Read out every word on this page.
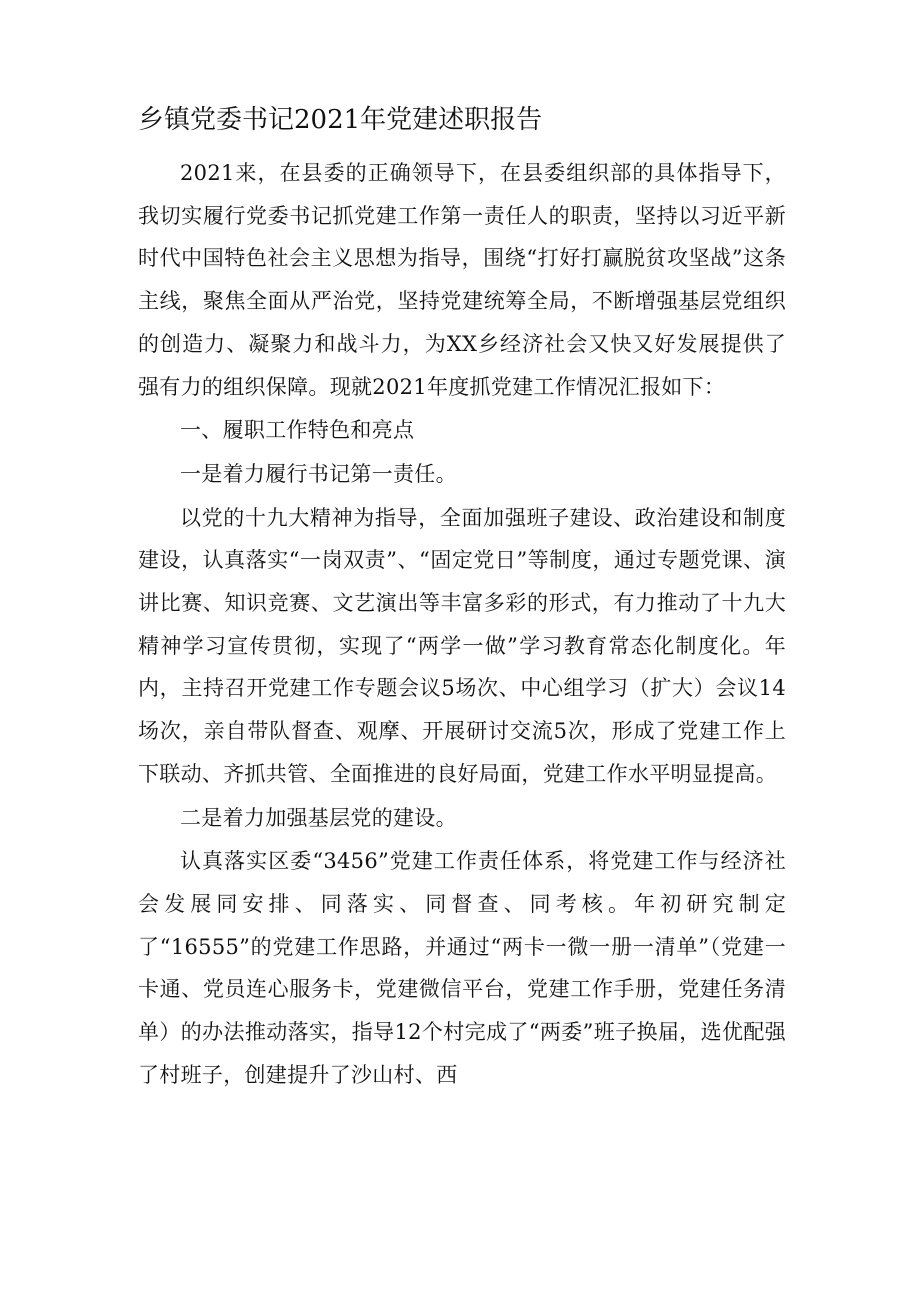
乡镇党委书记2021年党建述职报告

2021来，在县委的正确领导下，在县委组织部的具体指导下，我切实履行党委书记抓党建工作第一责任人的职责，坚持以习近平新时代中国特色社会主义思想为指导，围绕“打好打赢脱贫攻坚战”这条主线，聚焦全面从严治党，坚持党建统筹全局，不断增强基层党组织的创造力、凝聚力和战斗力，为XX乡经济社会又快又好发展提供了强有力的组织保障。现就2021年度抓党建工作情况汇报如下：

一、履职工作特色和亮点

一是着力履行书记第一责任。

以党的十九大精神为指导，全面加强班子建设、政治建设和制度建设，认真落实“一岗双责”、“固定党日”等制度，通过专题党课、演讲比赛、知识竞赛、文艺演出等丰富多彩的形式，有力推动了十九大精神学习宣传贯彻，实现了“两学一做”学习教育常态化制度化。年内，主持召开党建工作专题会议5场次、中心组学习（扩大）会议14场次，亲自带队督查、观摩、开展研讨交流5次，形成了党建工作上下联动、齐抓共管、全面推进的良好局面，党建工作水平明显提高。

二是着力加强基层党的建设。

认真落实区委“3456”党建工作责任体系，将党建工作与经济社会发展同安排、同落实、同督查、同考核。年初研究制定了“16555”的党建工作思路，并通过“两卡一微一册一清单”（党建一卡通、党员连心服务卡，党建微信平台，党建工作手册，党建任务清单）的办法推动落实，指导12个村完成了“两委”班子换届，选优配强了村班子，创建提升了沙山村、西
